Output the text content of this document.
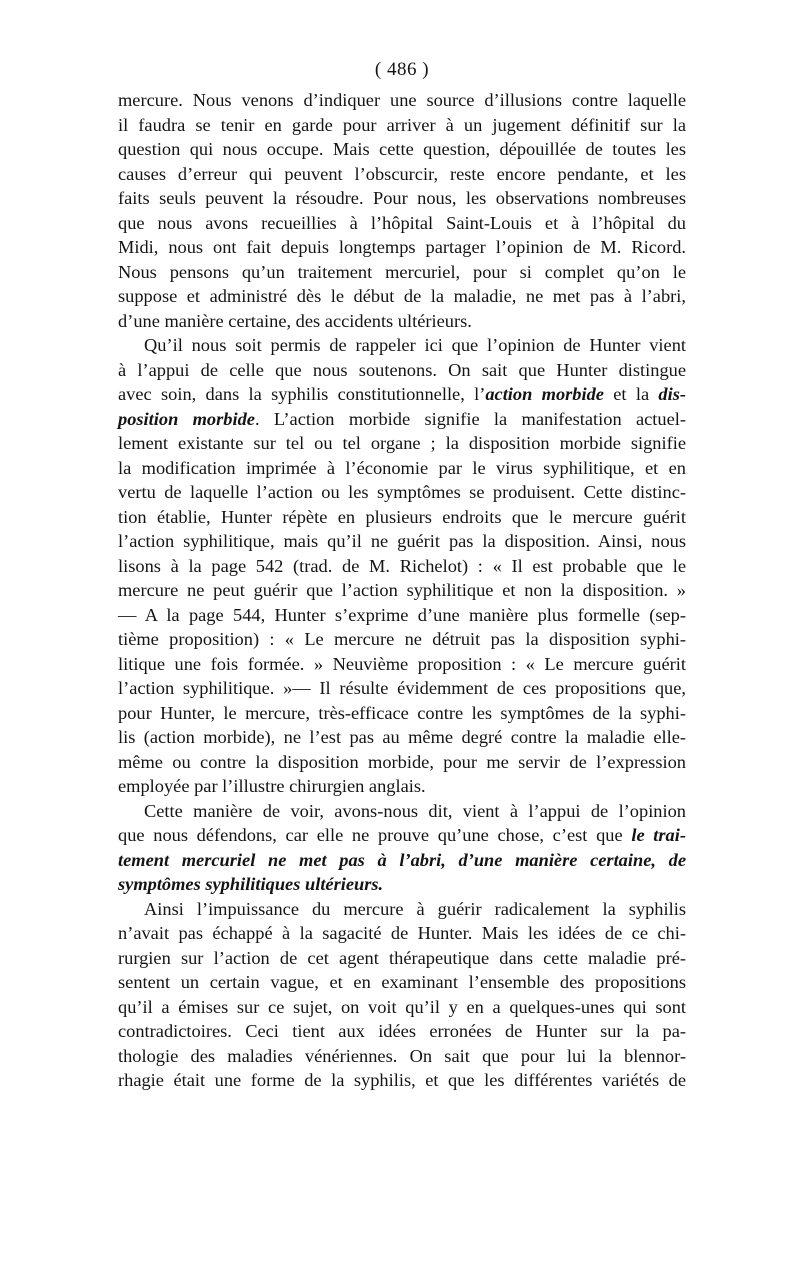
( 486 )
mercure. Nous venons d’indiquer une source d’illusions contre laquelle
il faudra se tenir en garde pour arriver à un jugement définitif sur la
question qui nous occupe. Mais cette question, dépouillée de toutes les
causes d’erreur qui peuvent l’obscurcir, reste encore pendante, et les
faits seuls peuvent la résoudre. Pour nous, les observations nombreuses
que nous avons recueillies à l’hôpital Saint-Louis et à l’hôpital du
Midi, nous ont fait depuis longtemps partager l’opinion de M. Ricord.
Nous pensons qu’un traitement mercuriel, pour si complet qu’on le
suppose et administré dès le début de la maladie, ne met pas à l’abri,
d’une manière certaine, des accidents ultérieurs.
Qu’il nous soit permis de rappeler ici que l’opinion de Hunter vient
à l’appui de celle que nous soutenons. On sait que Hunter distingue
avec soin, dans la syphilis constitutionnelle, l’action morbide et la dis-
position morbide. L’action morbide signifie la manifestation actuel-
lement existante sur tel ou tel organe ; la disposition morbide signifie
la modification imprimée à l’économie par le virus syphilitique, et en
vertu de laquelle l’action ou les symptômes se produisent. Cette distinc-
tion établie, Hunter répète en plusieurs endroits que le mercure guérit
l’action syphilitique, mais qu’il ne guérit pas la disposition. Ainsi, nous
lisons à la page 542 (trad. de M. Richelot) : « Il est probable que le
mercure ne peut guérir que l’action syphilitique et non la disposition. »
— A la page 544, Hunter s’exprime d’une manière plus formelle (sep-
tième proposition) : « Le mercure ne détruit pas la disposition syphi-
litique une fois formée. » Neuvième proposition : « Le mercure guérit
l’action syphilitique. »— Il résulte évidemment de ces propositions que,
pour Hunter, le mercure, très-efficace contre les symptômes de la syphi-
lis (action morbide), ne l’est pas au même degré contre la maladie elle-
même ou contre la disposition morbide, pour me servir de l’expression
employée par l’illustre chirurgien anglais.
Cette manière de voir, avons-nous dit, vient à l’appui de l’opinion
que nous défendons, car elle ne prouve qu’une chose, c’est que le trai-
tement mercuriel ne met pas à l’abri, d’une manière certaine, de
symptômes syphilitiques ultérieurs.
Ainsi l’impuissance du mercure à guérir radicalement la syphilis
n’avait pas échappé à la sagacité de Hunter. Mais les idées de ce chi-
rurgien sur l’action de cet agent thérapeutique dans cette maladie pré-
sentent un certain vague, et en examinant l’ensemble des propositions
qu’il a émises sur ce sujet, on voit qu’il y en a quelques-unes qui sont
contradictoires. Ceci tient aux idées erronées de Hunter sur la pa-
thologie des maladies vénériennes. On sait que pour lui la blennor-
rhagie était une forme de la syphilis, et que les différentes variétés de
